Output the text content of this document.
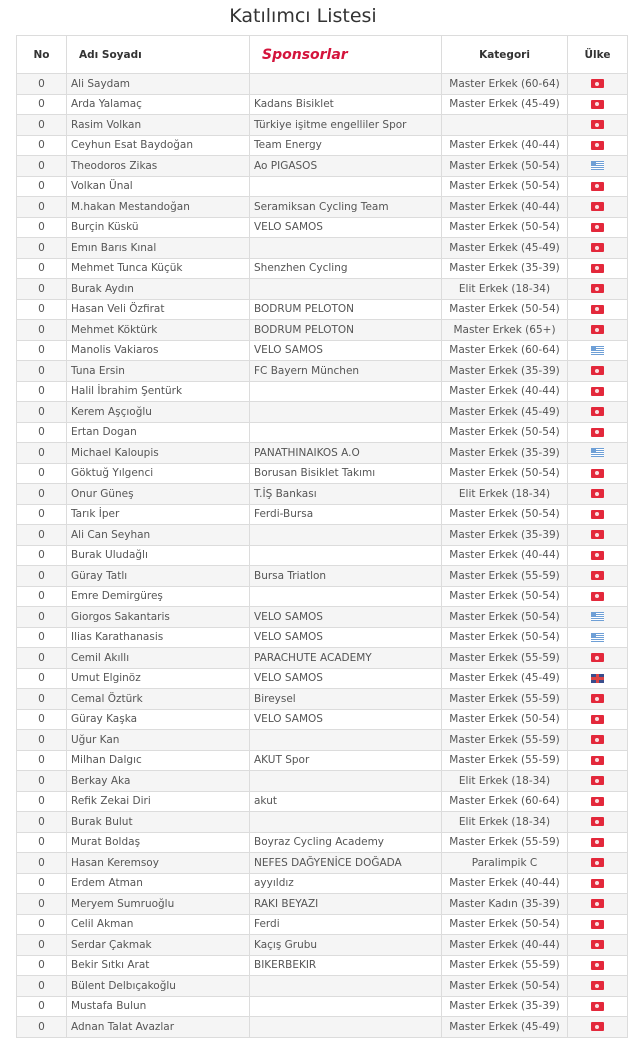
Katılımcı Listesi
No	Adı Soyadı	Sponsorlar	Kategori	Ülke
0	Ali Saydam		Master Erkek (60-64)	
0	Arda Yalamaç	Kadans Bisiklet	Master Erkek (45-49)	
0	Rasim Volkan	Türkiye işitme engelliler Spor		
0	Ceyhun Esat Baydoğan	Team Energy	Master Erkek (40-44)	
0	Theodoros Zikas	Ao PIGASOS	Master Erkek (50-54)	
0	Volkan Ünal		Master Erkek (50-54)	
0	M.hakan Mestandoğan	Seramiksan Cycling Team	Master Erkek (40-44)	
0	Burçin Küskü	VELO SAMOS	Master Erkek (50-54)	
0	Emın Barıs Kınal		Master Erkek (45-49)	
0	Mehmet Tunca Küçük	Shenzhen Cycling	Master Erkek (35-39)	
0	Burak Aydın		Elit Erkek (18-34)	
0	Hasan Veli Özfirat	BODRUM PELOTON	Master Erkek (50-54)	
0	Mehmet Köktürk	BODRUM PELOTON	Master Erkek (65+)	
0	Manolis Vakiaros	VELO SAMOS	Master Erkek (60-64)	
0	Tuna Ersin	FC Bayern München	Master Erkek (35-39)	
0	Halil İbrahim Şentürk		Master Erkek (40-44)	
0	Kerem Aşçıoğlu		Master Erkek (45-49)	
0	Ertan Dogan		Master Erkek (50-54)	
0	Michael Kaloupis	PANATHINAIKOS A.O	Master Erkek (35-39)	
0	Göktuğ Yılgenci	Borusan Bisiklet Takımı	Master Erkek (50-54)	
0	Onur Güneş	T.İŞ Bankası	Elit Erkek (18-34)	
0	Tarık İper	Ferdi-Bursa	Master Erkek (50-54)	
0	Ali Can Seyhan		Master Erkek (35-39)	
0	Burak Uludağlı		Master Erkek (40-44)	
0	Güray Tatlı	Bursa Triatlon	Master Erkek (55-59)	
0	Emre Demirgüreş		Master Erkek (50-54)	
0	Giorgos Sakantaris	VELO SAMOS	Master Erkek (50-54)	
0	Ilias Karathanasis	VELO SAMOS	Master Erkek (50-54)	
0	Cemil Akıllı	PARACHUTE ACADEMY	Master Erkek (55-59)	
0	Umut Elginöz	VELO SAMOS	Master Erkek (45-49)	
0	Cemal Öztürk	Bireysel	Master Erkek (55-59)	
0	Güray Kaşka	VELO SAMOS	Master Erkek (50-54)	
0	Uğur Kan		Master Erkek (55-59)	
0	Milhan Dalgıc	AKUT Spor	Master Erkek (55-59)	
0	Berkay Aka		Elit Erkek (18-34)	
0	Refik Zekai Diri	akut	Master Erkek (60-64)	
0	Burak Bulut		Elit Erkek (18-34)	
0	Murat Boldaş	Boyraz Cycling Academy	Master Erkek (55-59)	
0	Hasan Keremsoy	NEFES DAĞYENİCE DOĞADA	Paralimpik C	
0	Erdem Atman	ayyıldız	Master Erkek (40-44)	
0	Meryem Sumruoğlu	RAKI BEYAZI	Master Kadın (35-39)	
0	Celil Akman	Ferdi	Master Erkek (50-54)	
0	Serdar Çakmak	Kaçış Grubu	Master Erkek (40-44)	
0	Bekir Sıtkı Arat	BIKERBEKIR	Master Erkek (55-59)	
0	Bülent Delbıçakoğlu		Master Erkek (50-54)	
0	Mustafa Bulun		Master Erkek (35-39)	
0	Adnan Talat Avazlar		Master Erkek (45-49)	
